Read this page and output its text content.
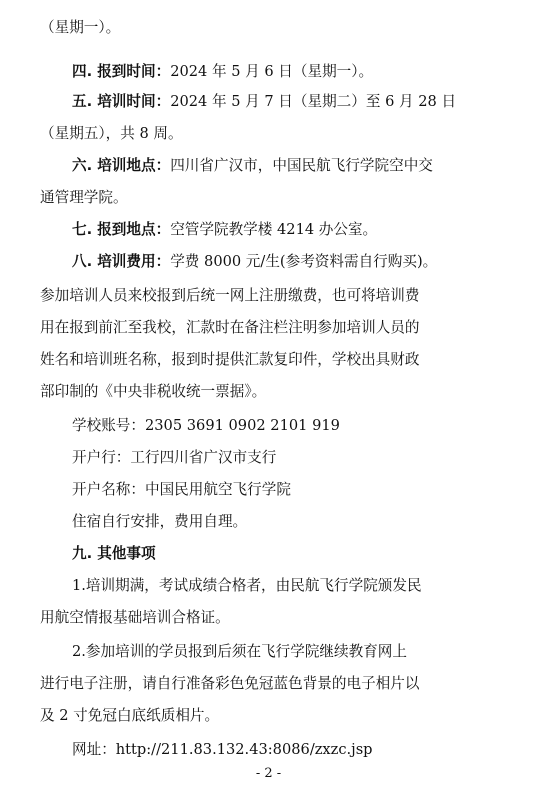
（星期一）。
四. 报到时间：2024 年 5 月 6 日（星期一）。
五. 培训时间：2024 年 5 月 7 日（星期二）至 6 月 28 日
（星期五），共 8 周。
六. 培训地点：四川省广汉市，中国民航飞行学院空中交
通管理学院。
七. 报到地点：空管学院教学楼 4214 办公室。
八. 培训费用：学费 8000 元/生(参考资料需自行购买)。
参加培训人员来校报到后统一网上注册缴费，也可将培训费
用在报到前汇至我校，汇款时在备注栏注明参加培训人员的
姓名和培训班名称，报到时提供汇款复印件，学校出具财政
部印制的《中央非税收统一票据》。
学校账号：2305 3691 0902 2101 919
开户行：工行四川省广汉市支行
开户名称：中国民用航空飞行学院
住宿自行安排，费用自理。
九. 其他事项
1.培训期满，考试成绩合格者，由民航飞行学院颁发民
用航空情报基础培训合格证。
2.参加培训的学员报到后须在飞行学院继续教育网上
进行电子注册，请自行准备彩色免冠蓝色背景的电子相片以
及 2 寸免冠白底纸质相片。
网址：http://211.83.132.43:8086/zxzc.jsp
- 2 -
